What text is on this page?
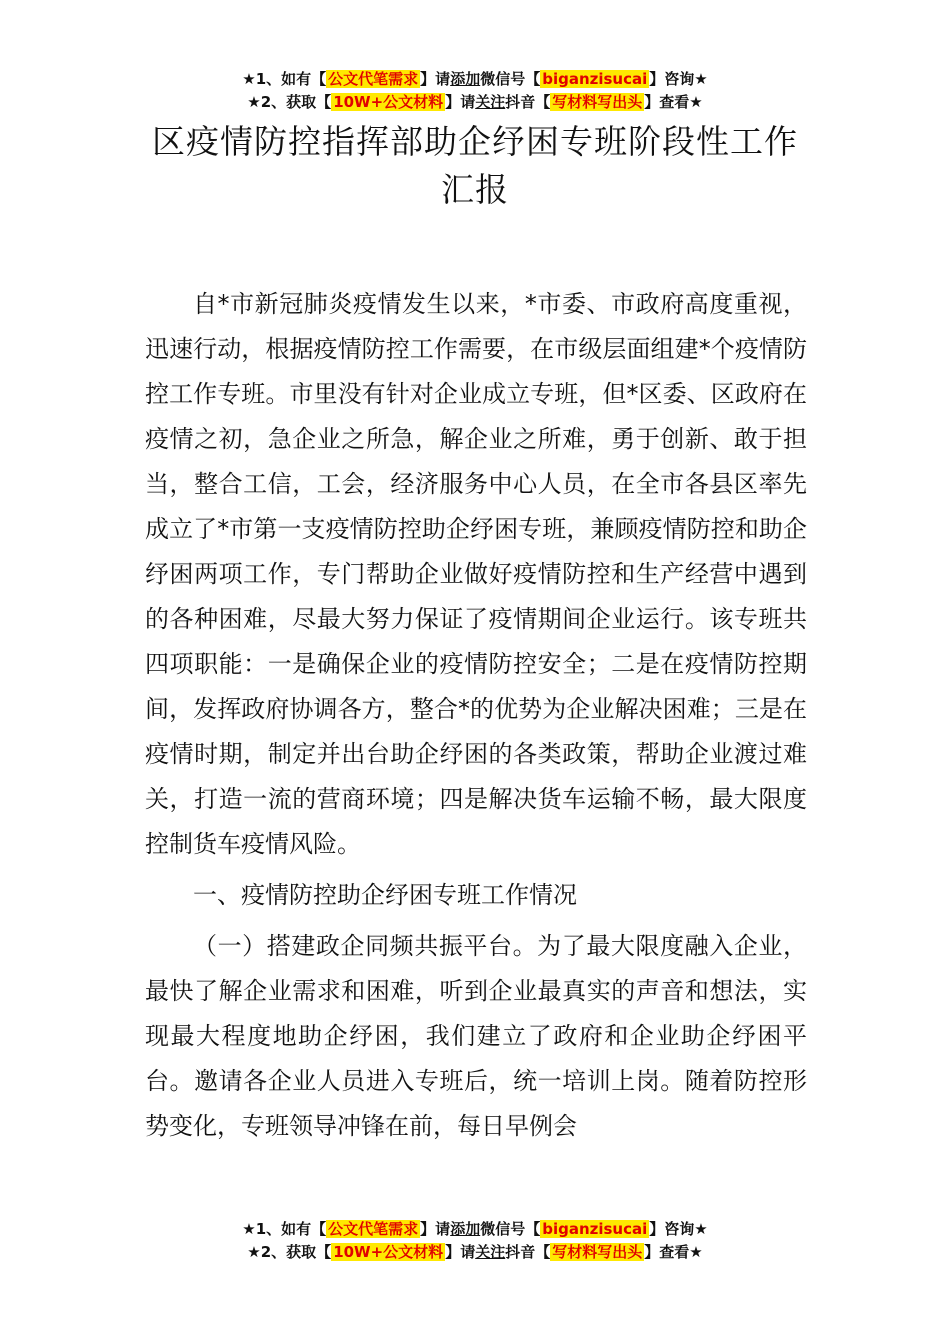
★1、如有【 公文代笔需求 】请添加微信号【 biganzisucai 】咨询★
★2、获取【 10W+公文材料 】请关注抖音【 写材料写出头 】查看★
区疫情防控指挥部助企纾困专班阶段性工作汇报

自*市新冠肺炎疫情发生以来，*市委、市政府高度重视，迅速行动，根据疫情防控工作需要，在市级层面组建*个疫情防控工作专班。市里没有针对企业成立专班，但*区委、区政府在疫情之初，急企业之所急，解企业之所难，勇于创新、敢于担当，整合工信，工会，经济服务中心人员，在全市各县区率先成立了*市第一支疫情防控助企纾困专班，兼顾疫情防控和助企纾困两项工作，专门帮助企业做好疫情防控和生产经营中遇到的各种困难，尽最大努力保证了疫情期间企业运行。该专班共四项职能：一是确保企业的疫情防控安全；二是在疫情防控期间，发挥政府协调各方，整合*的优势为企业解决困难；三是在疫情时期，制定并出台助企纾困的各类政策，帮助企业渡过难关，打造一流的营商环境；四是解决货车运输不畅，最大限度控制货车疫情风险。

一、疫情防控助企纾困专班工作情况

（一）搭建政企同频共振平台。为了最大限度融入企业，最快了解企业需求和困难，听到企业最真实的声音和想法，实现最大程度地助企纾困，我们建立了政府和企业助企纾困平台。邀请各企业人员进入专班后，统一培训上岗。随着防控形势变化，专班领导冲锋在前，每日早例会

★1、如有【 公文代笔需求 】请添加微信号【 biganzisucai 】咨询★
★2、获取【 10W+公文材料 】请关注抖音【 写材料写出头 】查看★
